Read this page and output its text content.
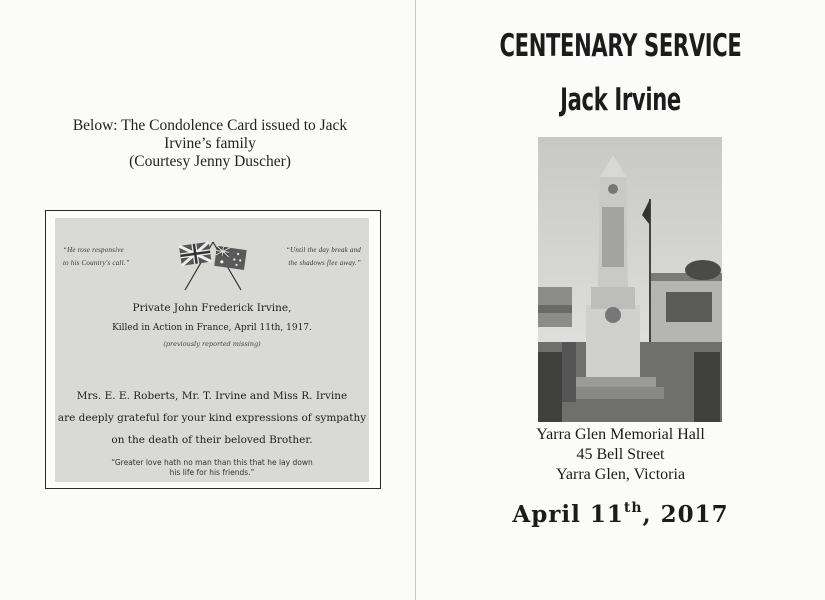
Below: The Condolence Card issued to Jack
Irvine’s family
(Courtesy Jenny Duscher)
“He rose responsive
to his Country's call.”
“Until the day break and
the shadows flee away.”
Private John Frederick Irvine,
Killed in Action in France, April 11th, 1917.
(previously reported missing)
Mrs. E. E. Roberts, Mr. T. Irvine and Miss R. Irvine
are deeply grateful for your kind expressions of sympathy
on the death of their beloved Brother.
“Greater love hath no man than this that he lay down
his life for his friends.”
CENTENARY SERVICE
Jack Irvine
Yarra Glen Memorial Hall
45 Bell Street
Yarra Glen, Victoria
April 11th, 2017
